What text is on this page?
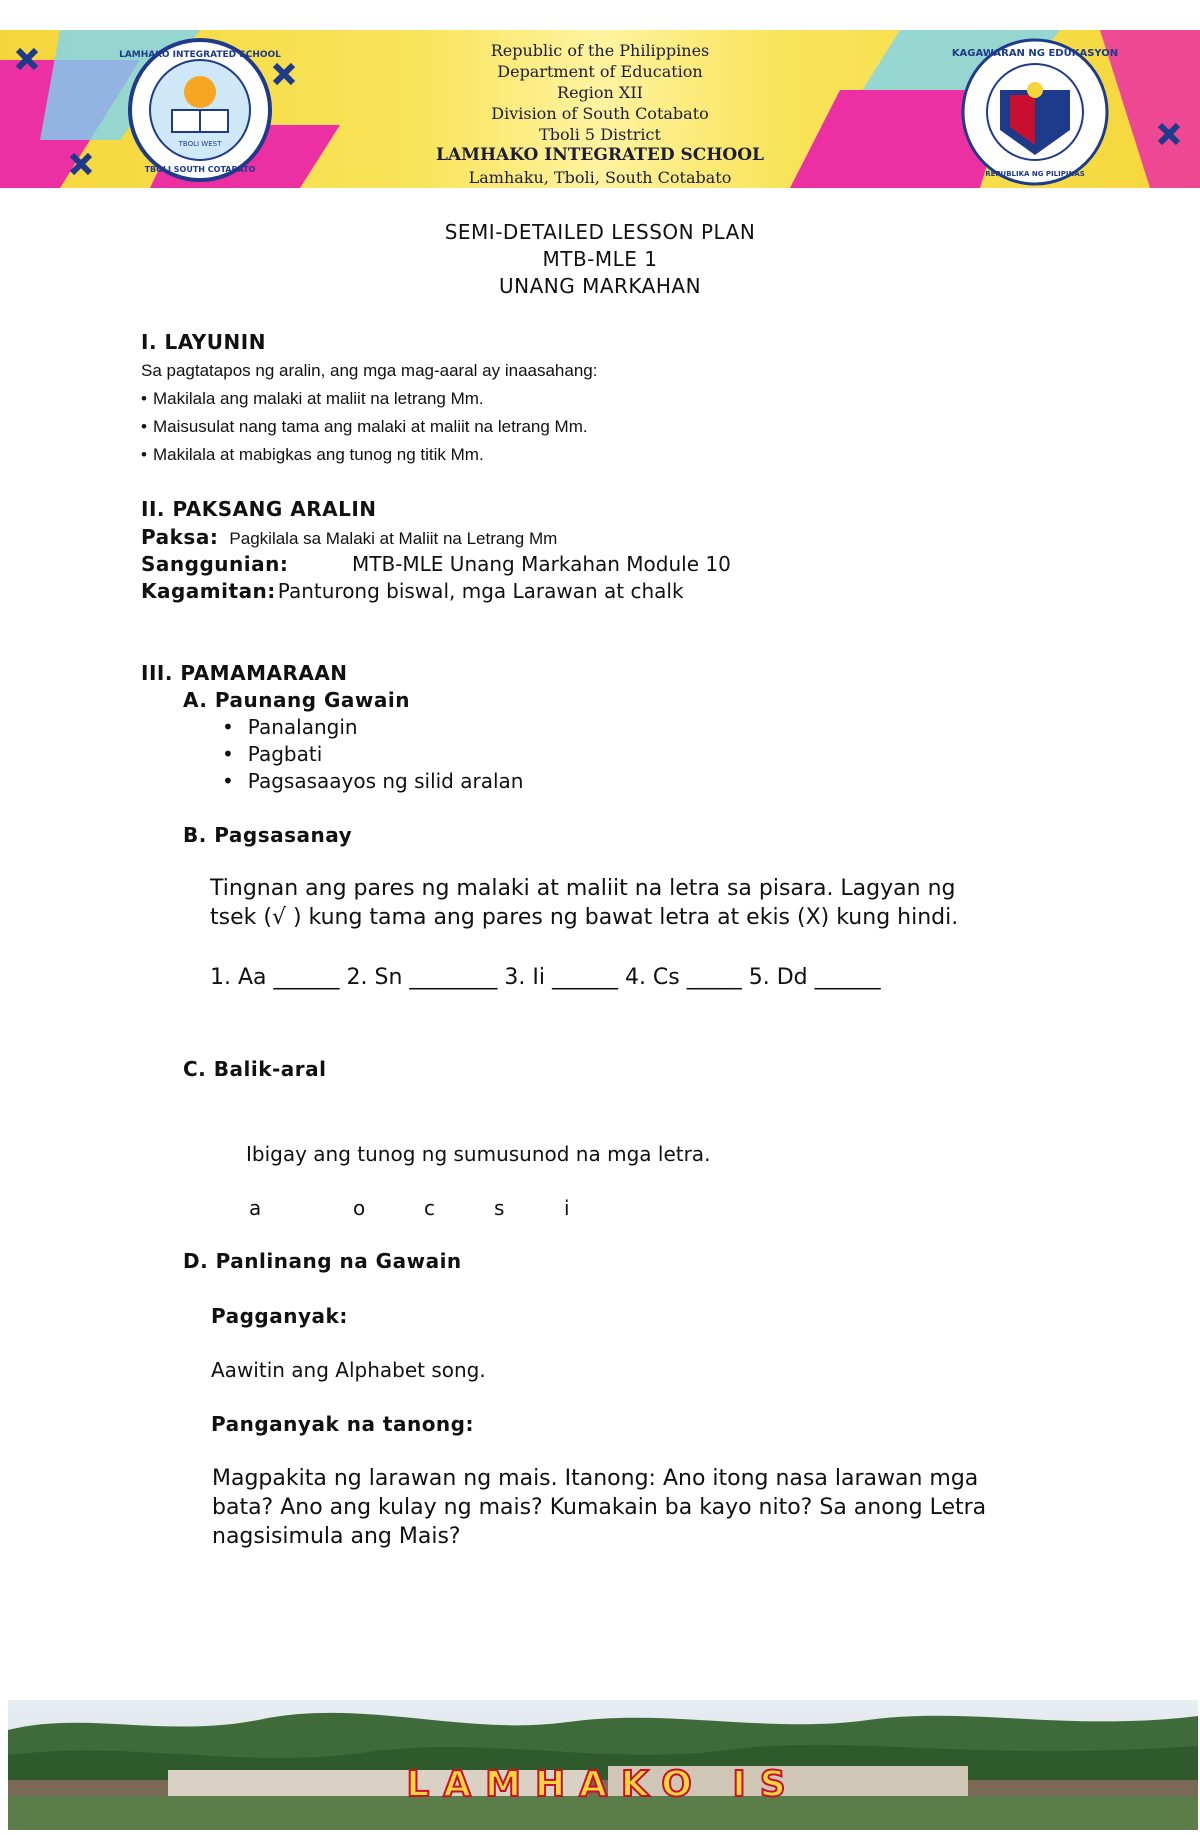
TBOLI WEST
LAMHAKO INTEGRATED SCHOOL
TBOLI SOUTH COTABATO
KAGAWARAN NG EDUKASYON
REPUBLIKA NG PILIPINAS
Republic of the Philippines
Department of Education
Region XII
Division of South Cotabato
Tboli 5 District
LAMHAKO INTEGRATED SCHOOL
Lamhaku, Tboli, South Cotabato
SEMI-DETAILED LESSON PLAN
MTB-MLE 1
UNANG MARKAHAN
I. LAYUNIN
Sa pagtatapos ng aralin, ang mga mag-aaral ay inaasahang:
• Makilala ang malaki at maliit na letrang Mm.
• Maisusulat nang tama ang malaki at maliit na letrang Mm.
• Makilala at mabigkas ang tunog ng titik Mm.
II. PAKSANG ARALIN
Paksa: Pagkilala sa Malaki at Maliit na Letrang Mm
Sanggunian:	MTB-MLE Unang Markahan Module 10
Kagamitan: Panturong biswal, mga Larawan at chalk
III. PAMAMARAAN
A. Paunang Gawain
• Panalangin
• Pagbati
• Pagsasaayos ng silid aralan
B. Pagsasanay
Tingnan ang pares ng malaki at maliit na letra sa pisara. Lagyan ng
tsek (√ ) kung tama ang pares ng bawat letra at ekis (X) kung hindi.
1. Aa ______ 2. Sn ________ 3. Ii ______ 4. Cs _____ 5. Dd ______
C. Balik-aral
Ibigay ang tunog ng sumusunod na mga letra.
a	o	c	s	i
D. Panlinang na Gawain
Pagganyak:
Aawitin ang Alphabet song.
Panganyak na tanong:
Magpakita ng larawan ng mais. Itanong: Ano itong nasa larawan mga
bata? Ano ang kulay ng mais? Kumakain ba kayo nito? Sa anong Letra
nagsisimula ang Mais?
LAMHAKO IS
